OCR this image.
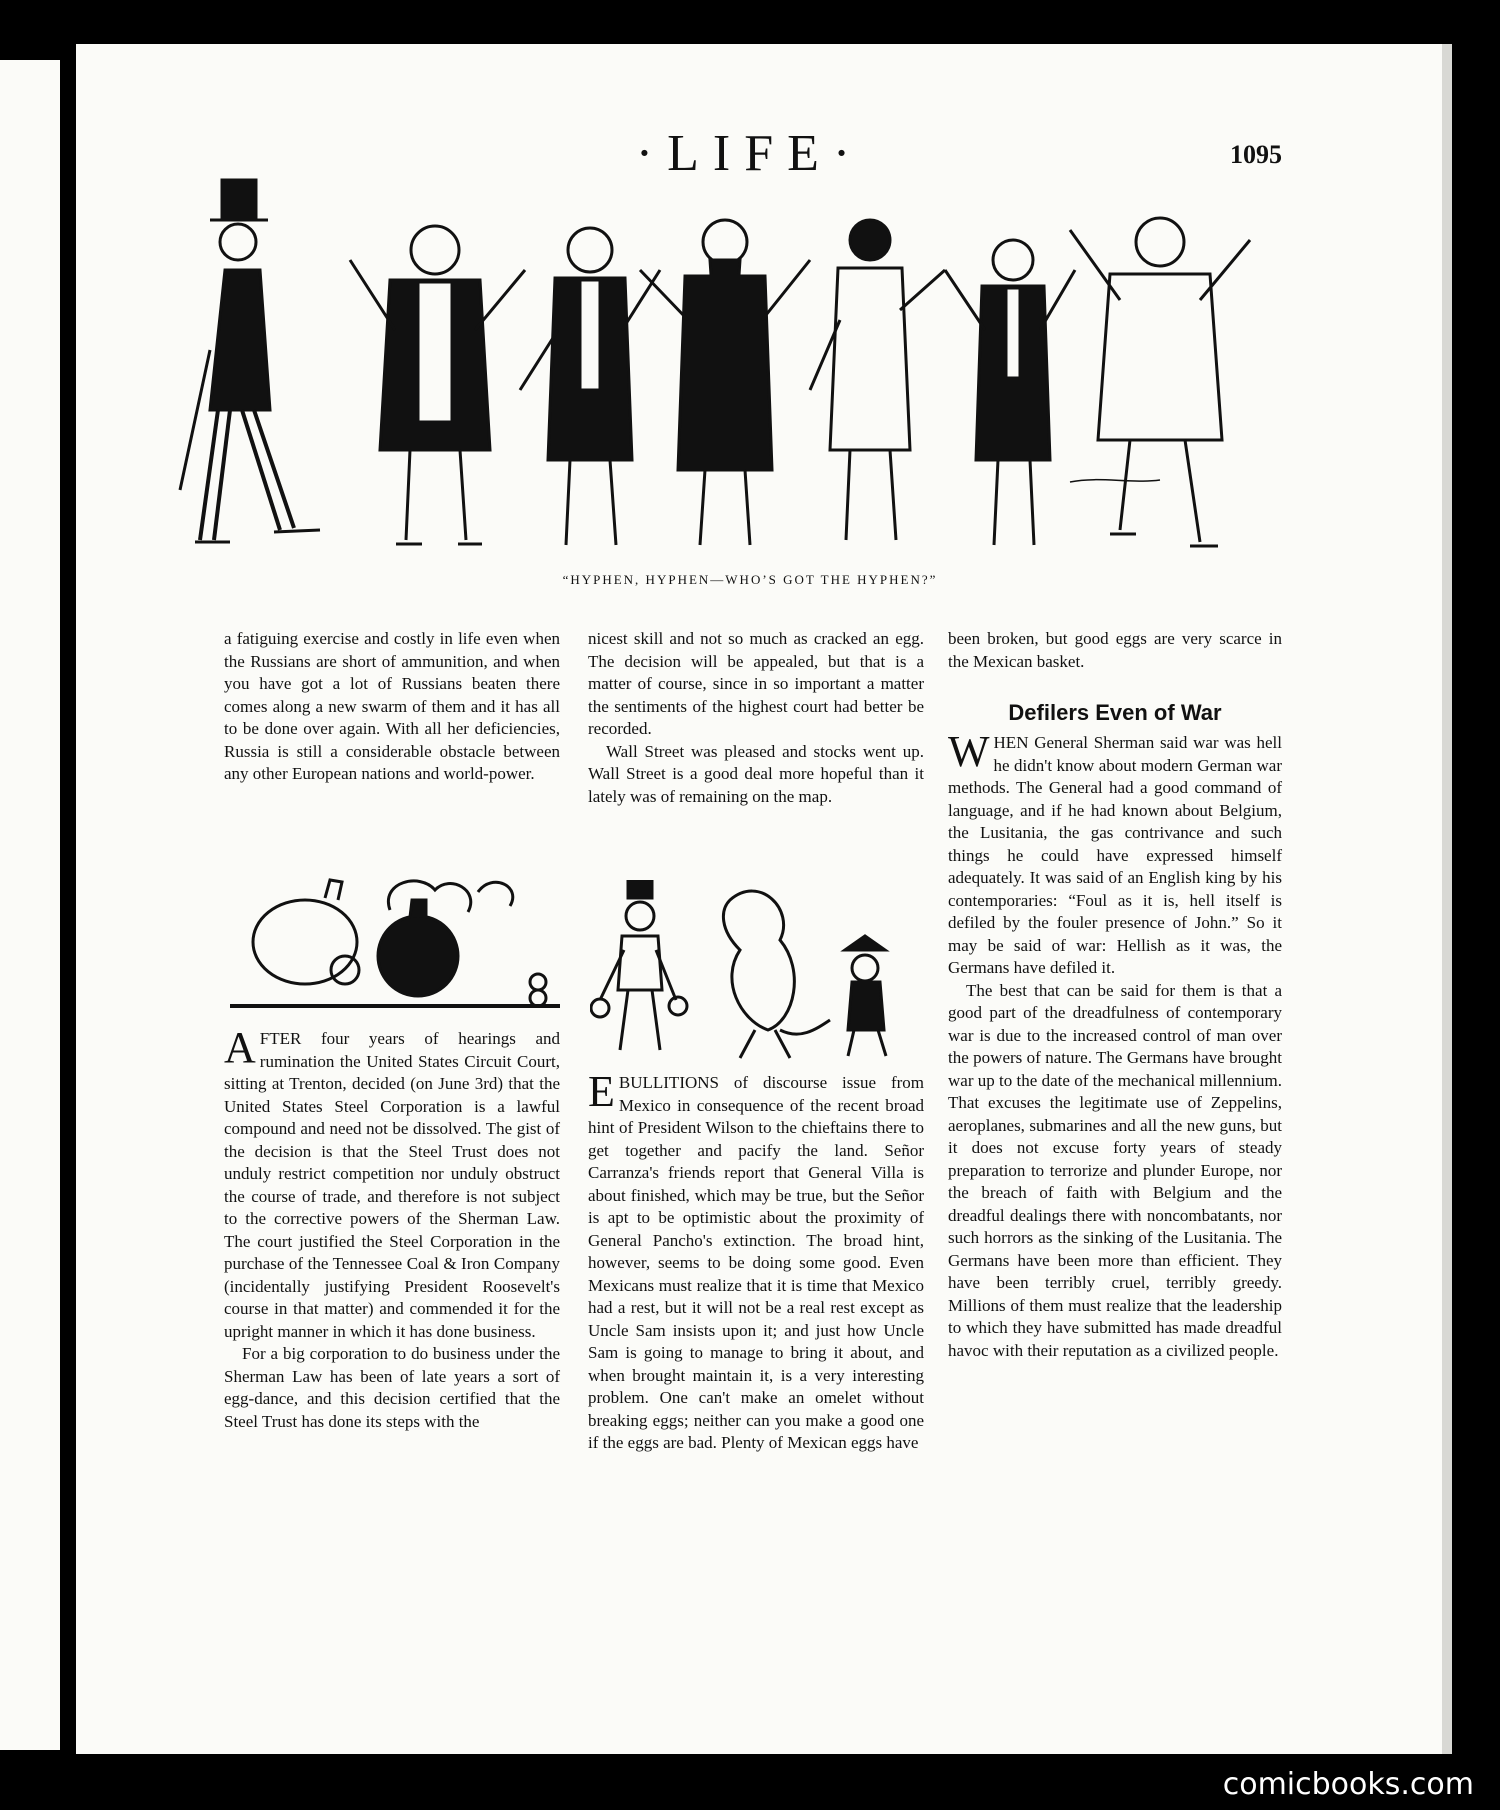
·LIFE·	1095
“HYPHEN, HYPHEN—WHO’S GOT THE HYPHEN?”

a fatiguing exercise and costly in life even when the Russians are short of ammunition, and when you have got a lot of Russians beaten there comes along a new swarm of them and it has all to be done over again. With all her deficiencies, Russia is still a considerable obstacle between any other European nations and world-power.

AFTER four years of hearings and rumination the United States Circuit Court, sitting at Trenton, decided (on June 3rd) that the United States Steel Corporation is a lawful compound and need not be dissolved. The gist of the decision is that the Steel Trust does not unduly restrict competition nor unduly obstruct the course of trade, and therefore is not subject to the corrective powers of the Sherman Law. The court justified the Steel Corporation in the purchase of the Tennessee Coal & Iron Company (incidentally justifying President Roosevelt's course in that matter) and commended it for the upright manner in which it has done business.

For a big corporation to do business under the Sherman Law has been of late years a sort of egg-dance, and this decision certified that the Steel Trust has done its steps with the

nicest skill and not so much as cracked an egg. The decision will be appealed, but that is a matter of course, since in so important a matter the sentiments of the highest court had better be recorded.

Wall Street was pleased and stocks went up. Wall Street is a good deal more hopeful than it lately was of remaining on the map.

EBULLITIONS of discourse issue from Mexico in consequence of the recent broad hint of President Wilson to the chieftains there to get together and pacify the land. Señor Carranza's friends report that General Villa is about finished, which may be true, but the Señor is apt to be optimistic about the proximity of General Pancho's extinction. The broad hint, however, seems to be doing some good. Even Mexicans must realize that it is time that Mexico had a rest, but it will not be a real rest except as Uncle Sam insists upon it; and just how Uncle Sam is going to manage to bring it about, and when brought maintain it, is a very interesting problem. One can't make an omelet without breaking eggs; neither can you make a good one if the eggs are bad. Plenty of Mexican eggs have

been broken, but good eggs are very scarce in the Mexican basket.

Defilers Even of War

WHEN General Sherman said war was hell he didn't know about modern German war methods. The General had a good command of language, and if he had known about Belgium, the Lusitania, the gas contrivance and such things he could have expressed himself adequately. It was said of an English king by his contemporaries: “Foul as it is, hell itself is defiled by the fouler presence of John.” So it may be said of war: Hellish as it was, the Germans have defiled it.

The best that can be said for them is that a good part of the dreadfulness of contemporary war is due to the increased control of man over the powers of nature. The Germans have brought war up to the date of the mechanical millennium. That excuses the legitimate use of Zeppelins, aeroplanes, submarines and all the new guns, but it does not excuse forty years of steady preparation to terrorize and plunder Europe, nor the breach of faith with Belgium and the dreadful dealings there with noncombatants, nor such horrors as the sinking of the Lusitania. The Germans have been more than efficient. They have been terribly cruel, terribly greedy. Millions of them must realize that the leadership to which they have submitted has made dreadful havoc with their reputation as a civilized people.

comicbooks.com
